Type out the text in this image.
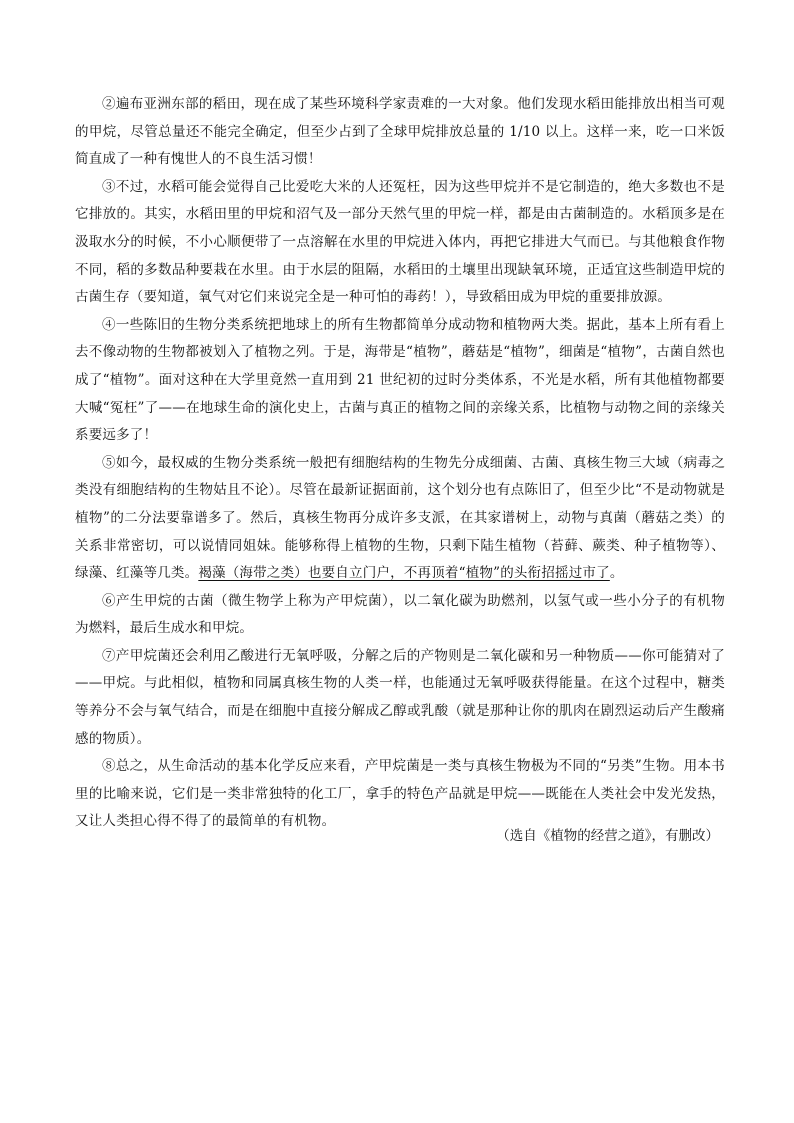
②遍布亚洲东部的稻田，现在成了某些环境科学家责难的一大对象。他们发现水稻田能排放出相当可观的甲烷，尽管总量还不能完全确定，但至少占到了全球甲烷排放总量的 1/10 以上。这样一来，吃一口米饭简直成了一种有愧世人的不良生活习惯！

③不过，水稻可能会觉得自己比爱吃大米的人还冤枉，因为这些甲烷并不是它制造的，绝大多数也不是它排放的。其实，水稻田里的甲烷和沼气及一部分天然气里的甲烷一样，都是由古菌制造的。水稻顶多是在汲取水分的时候，不小心顺便带了一点溶解在水里的甲烷进入体内，再把它排进大气而已。与其他粮食作物不同，稻的多数品种要栽在水里。由于水层的阻隔，水稻田的土壤里出现缺氧环境，正适宜这些制造甲烷的古菌生存（要知道，氧气对它们来说完全是一种可怕的毒药！），导致稻田成为甲烷的重要排放源。

④一些陈旧的生物分类系统把地球上的所有生物都简单分成动物和植物两大类。据此，基本上所有看上去不像动物的生物都被划入了植物之列。于是，海带是“植物”，蘑菇是“植物”，细菌是“植物”，古菌自然也成了“植物”。面对这种在大学里竟然一直用到 21 世纪初的过时分类体系，不光是水稻，所有其他植物都要大喊“冤枉”了——在地球生命的演化史上，古菌与真正的植物之间的亲缘关系，比植物与动物之间的亲缘关系要远多了！

⑤如今，最权威的生物分类系统一般把有细胞结构的生物先分成细菌、古菌、真核生物三大域（病毒之类没有细胞结构的生物姑且不论）。尽管在最新证据面前，这个划分也有点陈旧了，但至少比“不是动物就是植物”的二分法要靠谱多了。然后，真核生物再分成许多支派，在其家谱树上，动物与真菌（蘑菇之类）的关系非常密切，可以说情同姐妹。能够称得上植物的生物，只剩下陆生植物（苔藓、蕨类、种子植物等）、绿藻、红藻等几类。褐藻（海带之类）也要自立门户，不再顶着“植物”的头衔招摇过市了。

⑥产生甲烷的古菌（微生物学上称为产甲烷菌），以二氧化碳为助燃剂，以氢气或一些小分子的有机物为燃料，最后生成水和甲烷。

⑦产甲烷菌还会利用乙酸进行无氧呼吸，分解之后的产物则是二氧化碳和另一种物质——你可能猜对了——甲烷。与此相似，植物和同属真核生物的人类一样，也能通过无氧呼吸获得能量。在这个过程中，糖类等养分不会与氧气结合，而是在细胞中直接分解成乙醇或乳酸（就是那种让你的肌肉在剧烈运动后产生酸痛感的物质）。

⑧总之，从生命活动的基本化学反应来看，产甲烷菌是一类与真核生物极为不同的“另类”生物。用本书里的比喻来说，它们是一类非常独特的化工厂，拿手的特色产品就是甲烷——既能在人类社会中发光发热，又让人类担心得不得了的最简单的有机物。

（选自《植物的经营之道》，有删改）
